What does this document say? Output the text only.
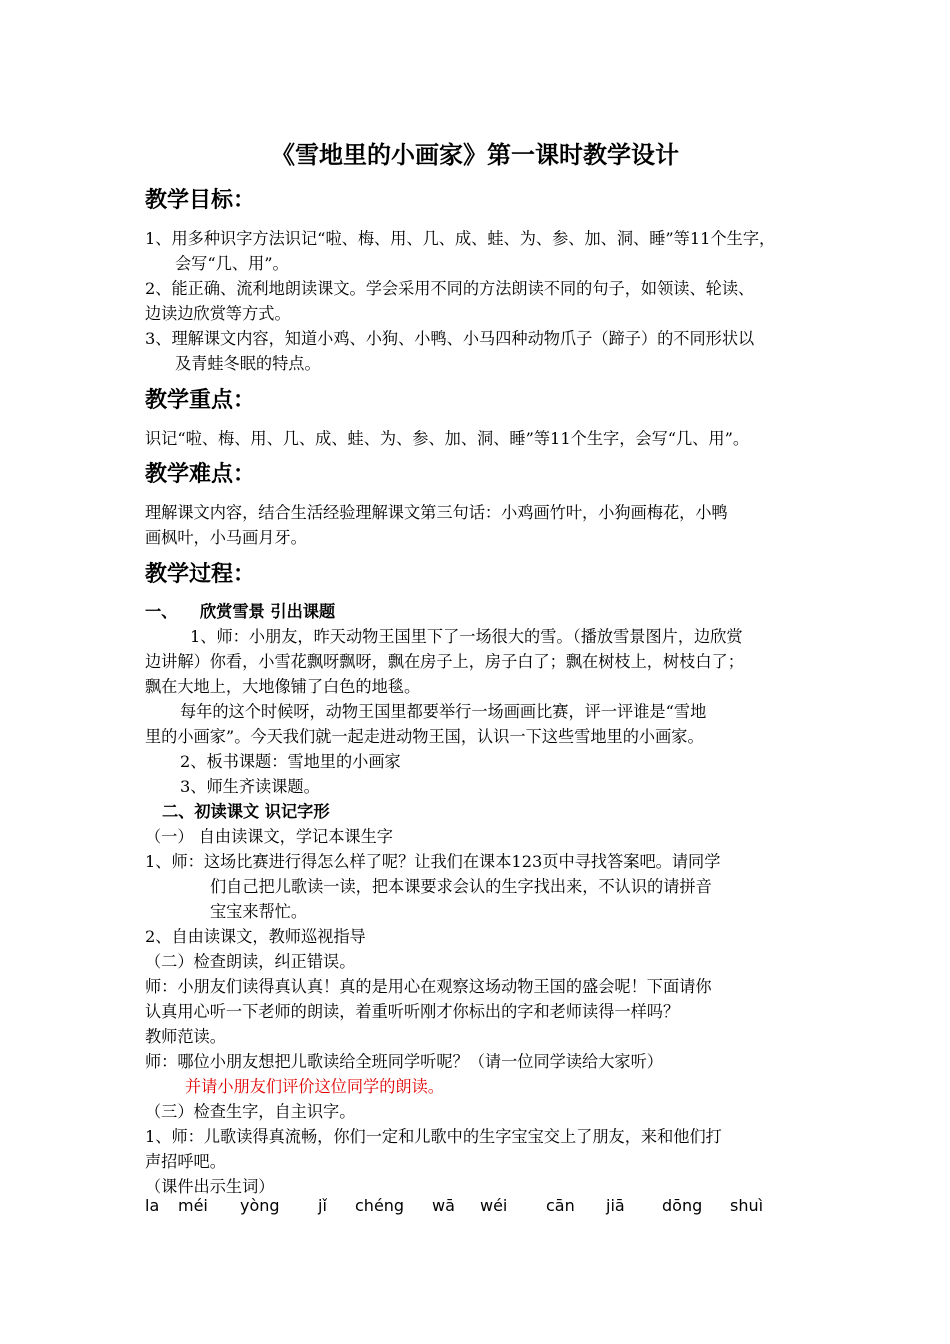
《雪地里的小画家》第一课时教学设计
教学目标：
1、用多种识字方法识记“啦、梅、用、几、成、蛙、为、参、加、洞、睡”等11个生字，
会写“几、用”。
2、能正确、流利地朗读课文。学会采用不同的方法朗读不同的句子，如领读、轮读、
边读边欣赏等方式。
3、理解课文内容，知道小鸡、小狗、小鸭、小马四种动物爪子（蹄子）的不同形状以
及青蛙冬眠的特点。
教学重点：
识记“啦、梅、用、几、成、蛙、为、参、加、洞、睡”等11个生字，会写“几、用”。
教学难点：
理解课文内容，结合生活经验理解课文第三句话：小鸡画竹叶，小狗画梅花，小鸭
画枫叶，小马画月牙。
教学过程：
一、 欣赏雪景 引出课题
1、师：小朋友，昨天动物王国里下了一场很大的雪。（播放雪景图片，边欣赏
边讲解）你看，小雪花飘呀飘呀，飘在房子上，房子白了；飘在树枝上，树枝白了；
飘在大地上，大地像铺了白色的地毯。
每年的这个时候呀，动物王国里都要举行一场画画比赛，评一评谁是“雪地
里的小画家”。今天我们就一起走进动物王国，认识一下这些雪地里的小画家。
2、板书课题：雪地里的小画家
3、师生齐读课题。
二、初读课文 识记字形
（一） 自由读课文，学记本课生字
1、师：这场比赛进行得怎么样了呢？让我们在课本123页中寻找答案吧。请同学
们自己把儿歌读一读，把本课要求会认的生字找出来，不认识的请拼音
宝宝来帮忙。
2、自由读课文，教师巡视指导
（二）检查朗读，纠正错误。
师：小朋友们读得真认真！真的是用心在观察这场动物王国的盛会呢！下面请你
认真用心听一下老师的朗读，着重听听刚才你标出的字和老师读得一样吗？
教师范读。
师：哪位小朋友想把儿歌读给全班同学听呢？（请一位同学读给大家听）
并请小朋友们评价这位同学的朗读。
（三）检查生字，自主识字。
1、师：儿歌读得真流畅，你们一定和儿歌中的生字宝宝交上了朋友，来和他们打
声招呼吧。
（课件出示生词）
la méi yòng jǐ chéng wā wéi cān jiā dōng shuì
